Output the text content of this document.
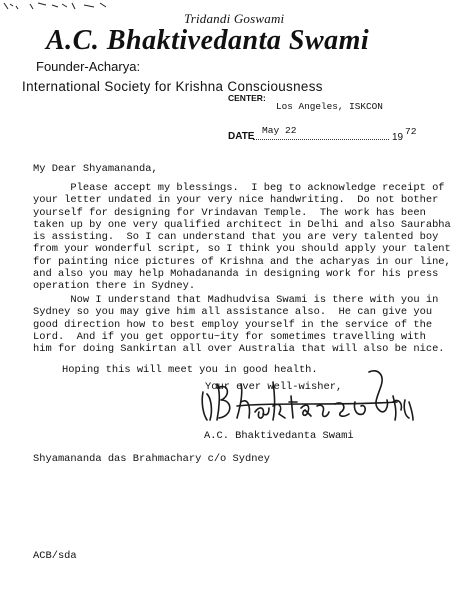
Tridandi Goswami
A.C. Bhaktivedanta Swami
Founder-Acharya:
International Society for Krishna Consciousness
CENTER:
Los Angeles, ISKCON
DATE
May 22
19
72
My Dear Shyamananda,
Please accept my blessings.  I beg to acknowledge receipt of
your letter undated in your very nice handwriting.  Do not bother
yourself for designing for Vrindavan Temple.  The work has been
taken up by one very qualified architect in Delhi and also Saurabha
is assisting.  So I can understand that you are very talented boy
from your wonderful script, so I think you should apply your talent
for painting nice pictures of Krishna and the acharyas in our line,
and also you may help Mohadananda in designing work for his press
operation there in Sydney.
Now I understand that Madhudvisa Swami is there with you in
Sydney so you may give him all assistance also.  He can give you
good direction how to best employ yourself in the service of the
Lord.  And if you get opportu~ity for sometimes travelling with
him for doing Sankirtan all over Australia that will also be nice.
Hoping this will meet you in good health.
Your ever well-wisher,
A.C. Bhaktivedanta Swami
Shyamananda das Brahmachary c/o Sydney
ACB/sda
